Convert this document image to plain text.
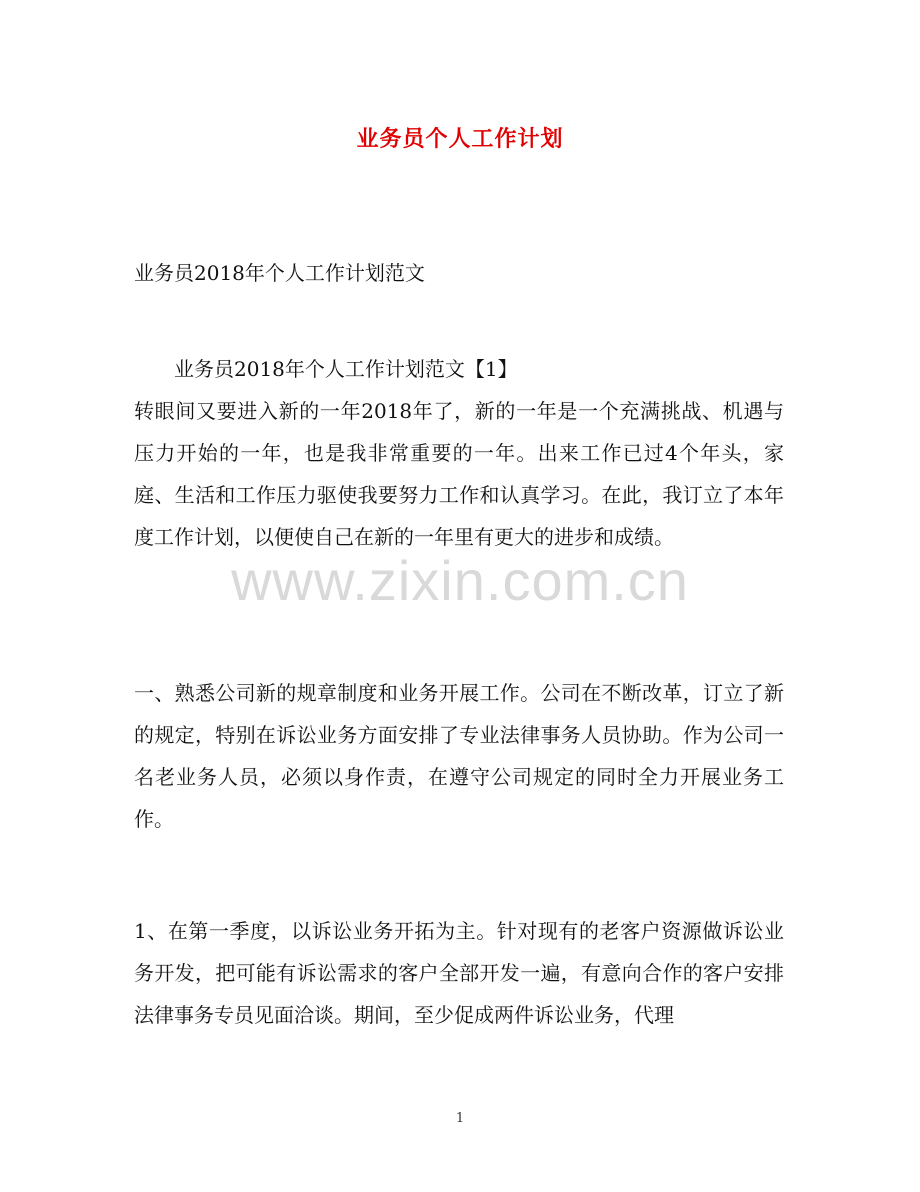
业务员个人工作计划
业务员2018年个人工作计划范文
业务员2018年个人工作计划范文【1】
转眼间又要进入新的一年2018年了，新的一年是一个充满挑战、机遇与压力开始的一年，也是我非常重要的一年。出来工作已过4个年头，家庭、生活和工作压力驱使我要努力工作和认真学习。在此，我订立了本年度工作计划，以便使自己在新的一年里有更大的进步和成绩。
www.zixin.com.cn
一、熟悉公司新的规章制度和业务开展工作。公司在不断改革，订立了新的规定，特别在诉讼业务方面安排了专业法律事务人员协助。作为公司一名老业务人员，必须以身作责，在遵守公司规定的同时全力开展业务工作。
1、在第一季度，以诉讼业务开拓为主。针对现有的老客户资源做诉讼业务开发，把可能有诉讼需求的客户全部开发一遍，有意向合作的客户安排法律事务专员见面洽谈。期间，至少促成两件诉讼业务，代理
1
